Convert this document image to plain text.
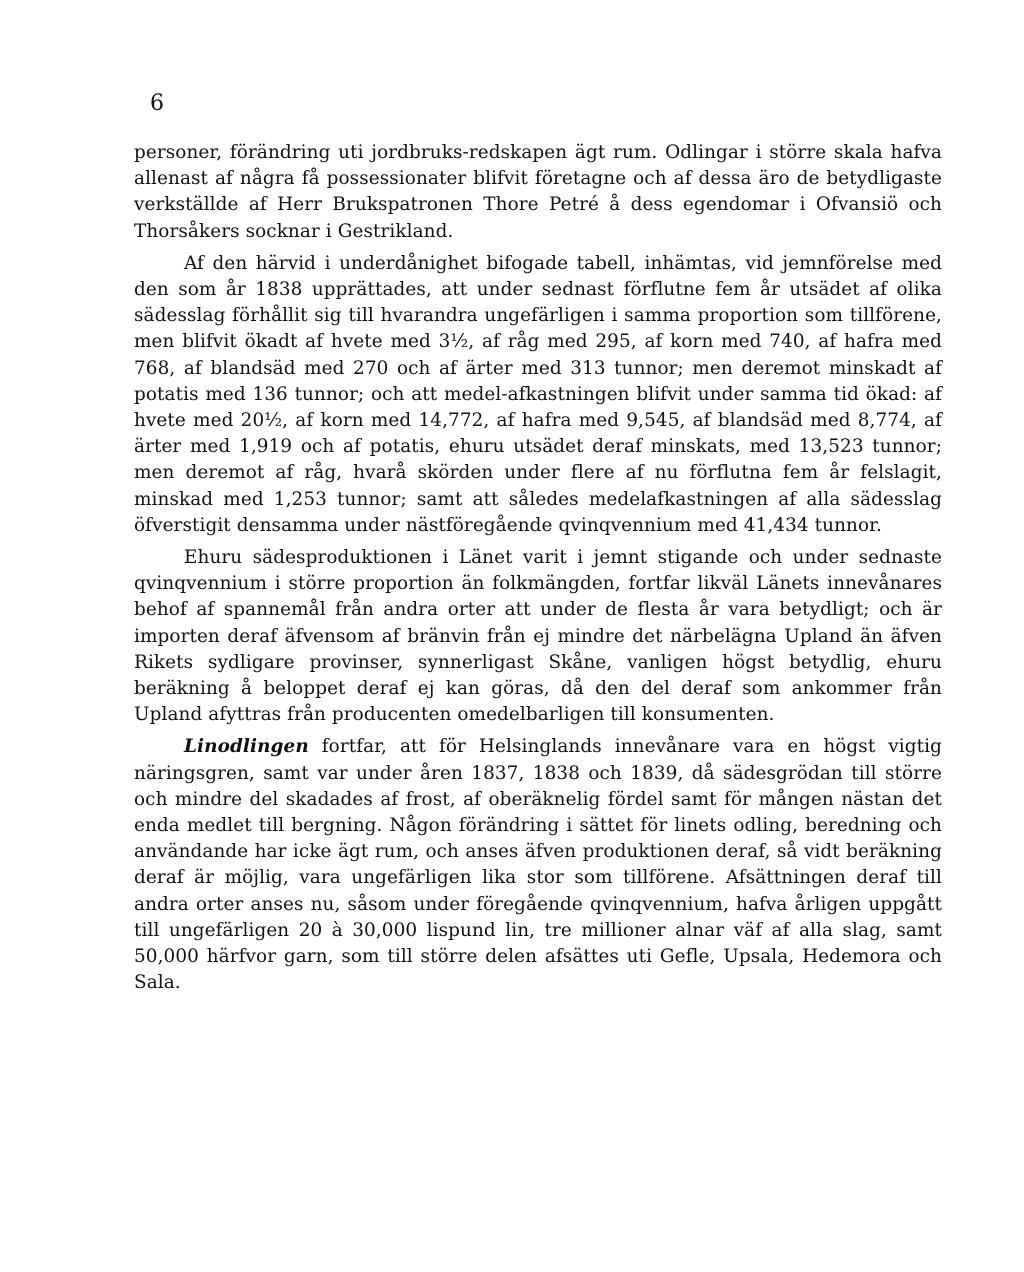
6

personer, förändring uti jordbruks-redskapen ägt rum. Odlingar i större skala hafva allenast af några få possessionater blifvit företagne och af dessa äro de betydligaste verkställde af Herr Brukspatronen Thore Petré å dess egendomar i Ofvansiö och Thorsåkers socknar i Gestrikland.

Af den härvid i underdånighet bifogade tabell, inhämtas, vid jemnförelse med den som år 1838 upprättades, att under sednast förflutne fem år utsädet af olika sädesslag förhållit sig till hvarandra ungefärligen i samma proportion som tillförene, men blifvit ökadt af hvete med 3½, af råg med 295, af korn med 740, af hafra med 768, af blandsäd med 270 och af ärter med 313 tunnor; men deremot minskadt af potatis med 136 tunnor; och att medel-afkastningen blifvit under samma tid ökad: af hvete med 20½, af korn med 14,772, af hafra med 9,545, af blandsäd med 8,774, af ärter med 1,919 och af potatis, ehuru utsädet deraf minskats, med 13,523 tunnor; men deremot af råg, hvarå skörden under flere af nu förflutna fem år felslagit, minskad med 1,253 tunnor; samt att således medelafkastningen af alla sädesslag öfverstigit densamma under nästföregående qvinqvennium med 41,434 tunnor.

Ehuru sädesproduktionen i Länet varit i jemnt stigande och under sednaste qvinqvennium i större proportion än folkmängden, fortfar likväl Länets innevånares behof af spannemål från andra orter att under de flesta år vara betydligt; och är importen deraf äfvensom af bränvin från ej mindre det närbelägna Upland än äfven Rikets sydligare provinser, synnerligast Skåne, vanligen högst betydlig, ehuru beräkning å beloppet deraf ej kan göras, då den del deraf som ankommer från Upland afyttras från producenten omedelbarligen till konsumenten.

Linodlingen fortfar, att för Helsinglands innevånare vara en högst vigtig näringsgren, samt var under åren 1837, 1838 och 1839, då sädesgrödan till större och mindre del skadades af frost, af oberäknelig fördel samt för mången nästan det enda medlet till bergning. Någon förändring i sättet för linets odling, beredning och användande har icke ägt rum, och anses äfven produktionen deraf, så vidt beräkning deraf är möjlig, vara ungefärligen lika stor som tillförene. Afsättningen deraf till andra orter anses nu, såsom under föregående qvinqvennium, hafva årligen uppgått till ungefärligen 20 à 30,000 lispund lin, tre millioner alnar väf af alla slag, samt 50,000 härfvor garn, som till större delen afsättes uti Gefle, Upsala, Hedemora och Sala.
